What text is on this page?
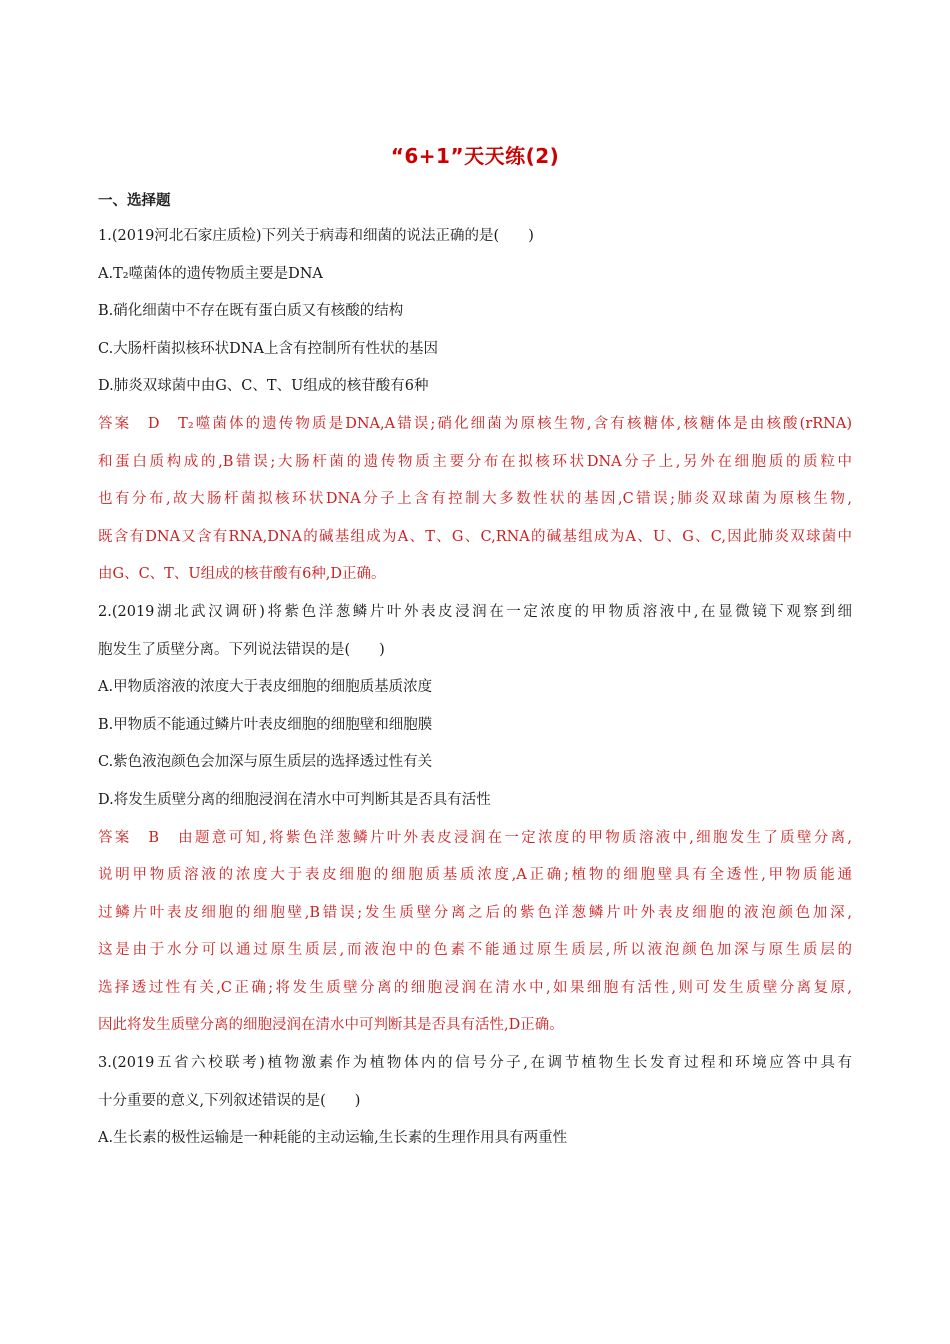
“6+1”天天练(2)
一、选择题
1.(2019河北石家庄质检)下列关于病毒和细菌的说法正确的是(　　)
A.T₂噬菌体的遗传物质主要是DNA
B.硝化细菌中不存在既有蛋白质又有核酸的结构
C.大肠杆菌拟核环状DNA上含有控制所有性状的基因
D.肺炎双球菌中由G、C、T、U组成的核苷酸有6种
答案　D　T₂噬菌体的遗传物质是DNA,A错误;硝化细菌为原核生物,含有核糖体,核糖体是由核酸(rRNA)
和蛋白质构成的,B错误;大肠杆菌的遗传物质主要分布在拟核环状DNA分子上,另外在细胞质的质粒中
也有分布,故大肠杆菌拟核环状DNA分子上含有控制大多数性状的基因,C错误;肺炎双球菌为原核生物,
既含有DNA又含有RNA,DNA的碱基组成为A、T、G、C,RNA的碱基组成为A、U、G、C,因此肺炎双球菌中
由G、C、T、U组成的核苷酸有6种,D正确。
2.(2019湖北武汉调研)将紫色洋葱鳞片叶外表皮浸润在一定浓度的甲物质溶液中,在显微镜下观察到细
胞发生了质壁分离。下列说法错误的是(　　)
A.甲物质溶液的浓度大于表皮细胞的细胞质基质浓度
B.甲物质不能通过鳞片叶表皮细胞的细胞壁和细胞膜
C.紫色液泡颜色会加深与原生质层的选择透过性有关
D.将发生质壁分离的细胞浸润在清水中可判断其是否具有活性
答案　B　由题意可知,将紫色洋葱鳞片叶外表皮浸润在一定浓度的甲物质溶液中,细胞发生了质壁分离,
说明甲物质溶液的浓度大于表皮细胞的细胞质基质浓度,A正确;植物的细胞壁具有全透性,甲物质能通
过鳞片叶表皮细胞的细胞壁,B错误;发生质壁分离之后的紫色洋葱鳞片叶外表皮细胞的液泡颜色加深,
这是由于水分可以通过原生质层,而液泡中的色素不能通过原生质层,所以液泡颜色加深与原生质层的
选择透过性有关,C正确;将发生质壁分离的细胞浸润在清水中,如果细胞有活性,则可发生质壁分离复原,
因此将发生质壁分离的细胞浸润在清水中可判断其是否具有活性,D正确。
3.(2019五省六校联考)植物激素作为植物体内的信号分子,在调节植物生长发育过程和环境应答中具有
十分重要的意义,下列叙述错误的是(　　)
A.生长素的极性运输是一种耗能的主动运输,生长素的生理作用具有两重性
